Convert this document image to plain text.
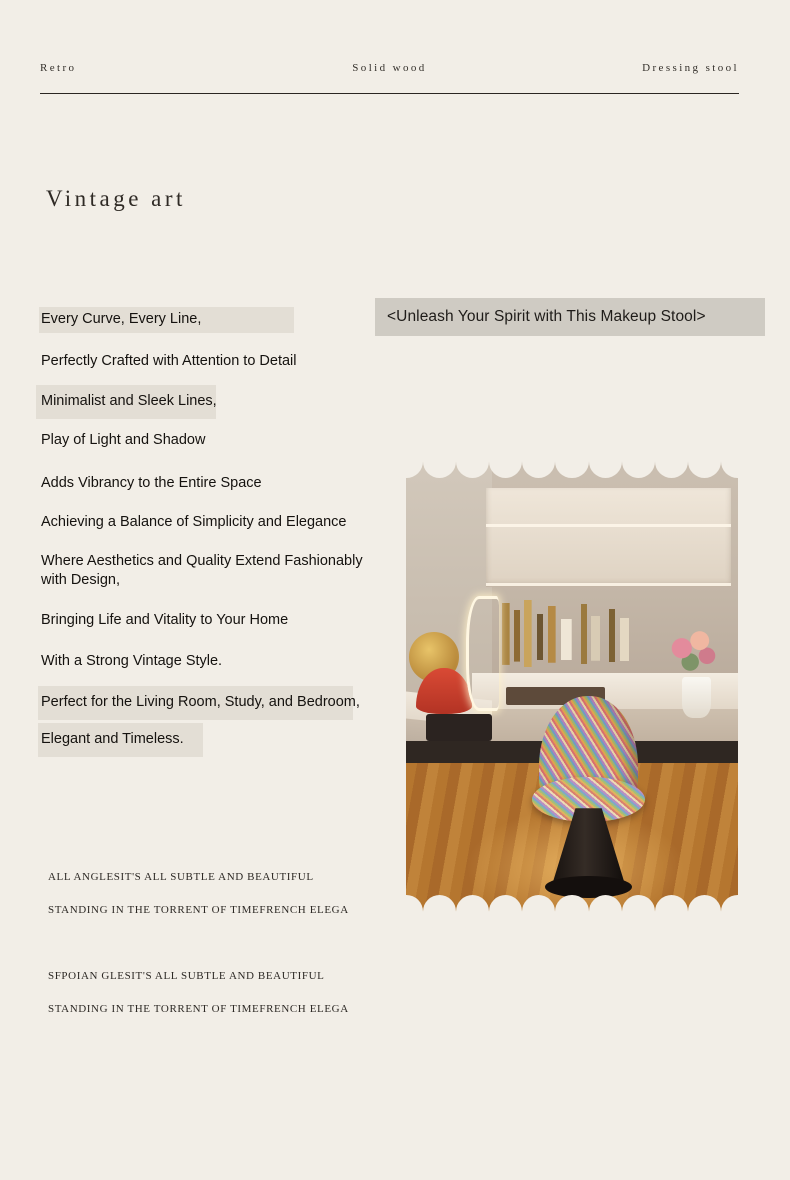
Retro	Solid wood	Dressing stool
Vintage art
<Unleash Your Spirit with This Makeup Stool>
Every Curve, Every Line,
Perfectly Crafted with Attention to Detail
Minimalist and Sleek Lines,
Play of Light and Shadow
Adds Vibrancy to the Entire Space
Achieving a Balance of Simplicity and Elegance
Where Aesthetics and Quality Extend Fashionably with Design,
Bringing Life and Vitality to Your Home
With a Strong Vintage Style.
Perfect for the Living Room, Study, and Bedroom,
Elegant and Timeless.
ALL ANGLESIT'S ALL SUBTLE AND BEAUTIFUL
STANDING IN THE TORRENT OF TIMEFRENCH ELEGA
SFPOIAN GLESIT'S ALL SUBTLE AND BEAUTIFUL
STANDING IN THE TORRENT OF TIMEFRENCH ELEGA
